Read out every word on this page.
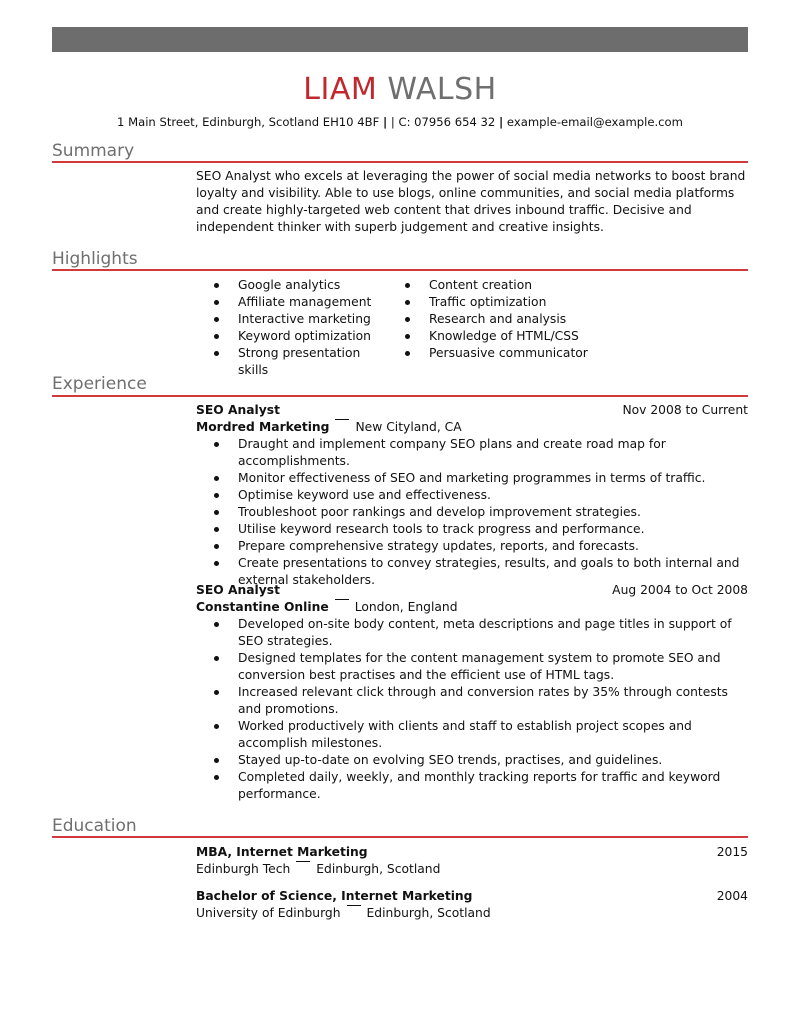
LIAM WALSH
1 Main Street, Edinburgh, Scotland EH10 4BF | | C: 07956 654 32 | example-email@example.com
Summary

SEO Analyst who excels at leveraging the power of social media networks to boost brand loyalty and visibility. Able to use blogs, online communities, and social media platforms and create highly-targeted web content that drives inbound traffic. Decisive and independent thinker with superb judgement and creative insights.

Highlights
Google analytics
Affiliate management
Interactive marketing
Keyword optimization
Strong presentation skills
Content creation
Traffic optimization
Research and analysis
Knowledge of HTML/CSS
Persuasive communicator
Experience
SEO Analyst	Nov 2008 to Current
Mordred Marketing New Cityland, CA
Draught and implement company SEO plans and create road map for accomplishments.
Monitor effectiveness of SEO and marketing programmes in terms of traffic.
Optimise keyword use and effectiveness.
Troubleshoot poor rankings and develop improvement strategies.
Utilise keyword research tools to track progress and performance.
Prepare comprehensive strategy updates, reports, and forecasts.
Create presentations to convey strategies, results, and goals to both internal and external stakeholders.
SEO Analyst	Aug 2004 to Oct 2008
Constantine Online London, England
Developed on-site body content, meta descriptions and page titles in support of SEO strategies.
Designed templates for the content management system to promote SEO and conversion best practises and the efficient use of HTML tags.
Increased relevant click through and conversion rates by 35% through contests and promotions.
Worked productively with clients and staff to establish project scopes and accomplish milestones.
Stayed up-to-date on evolving SEO trends, practises, and guidelines.
Completed daily, weekly, and monthly tracking reports for traffic and keyword performance.
Education
MBA, Internet Marketing	2015
Edinburgh Tech Edinburgh, Scotland
Bachelor of Science, Internet Marketing	2004
University of Edinburgh Edinburgh, Scotland
